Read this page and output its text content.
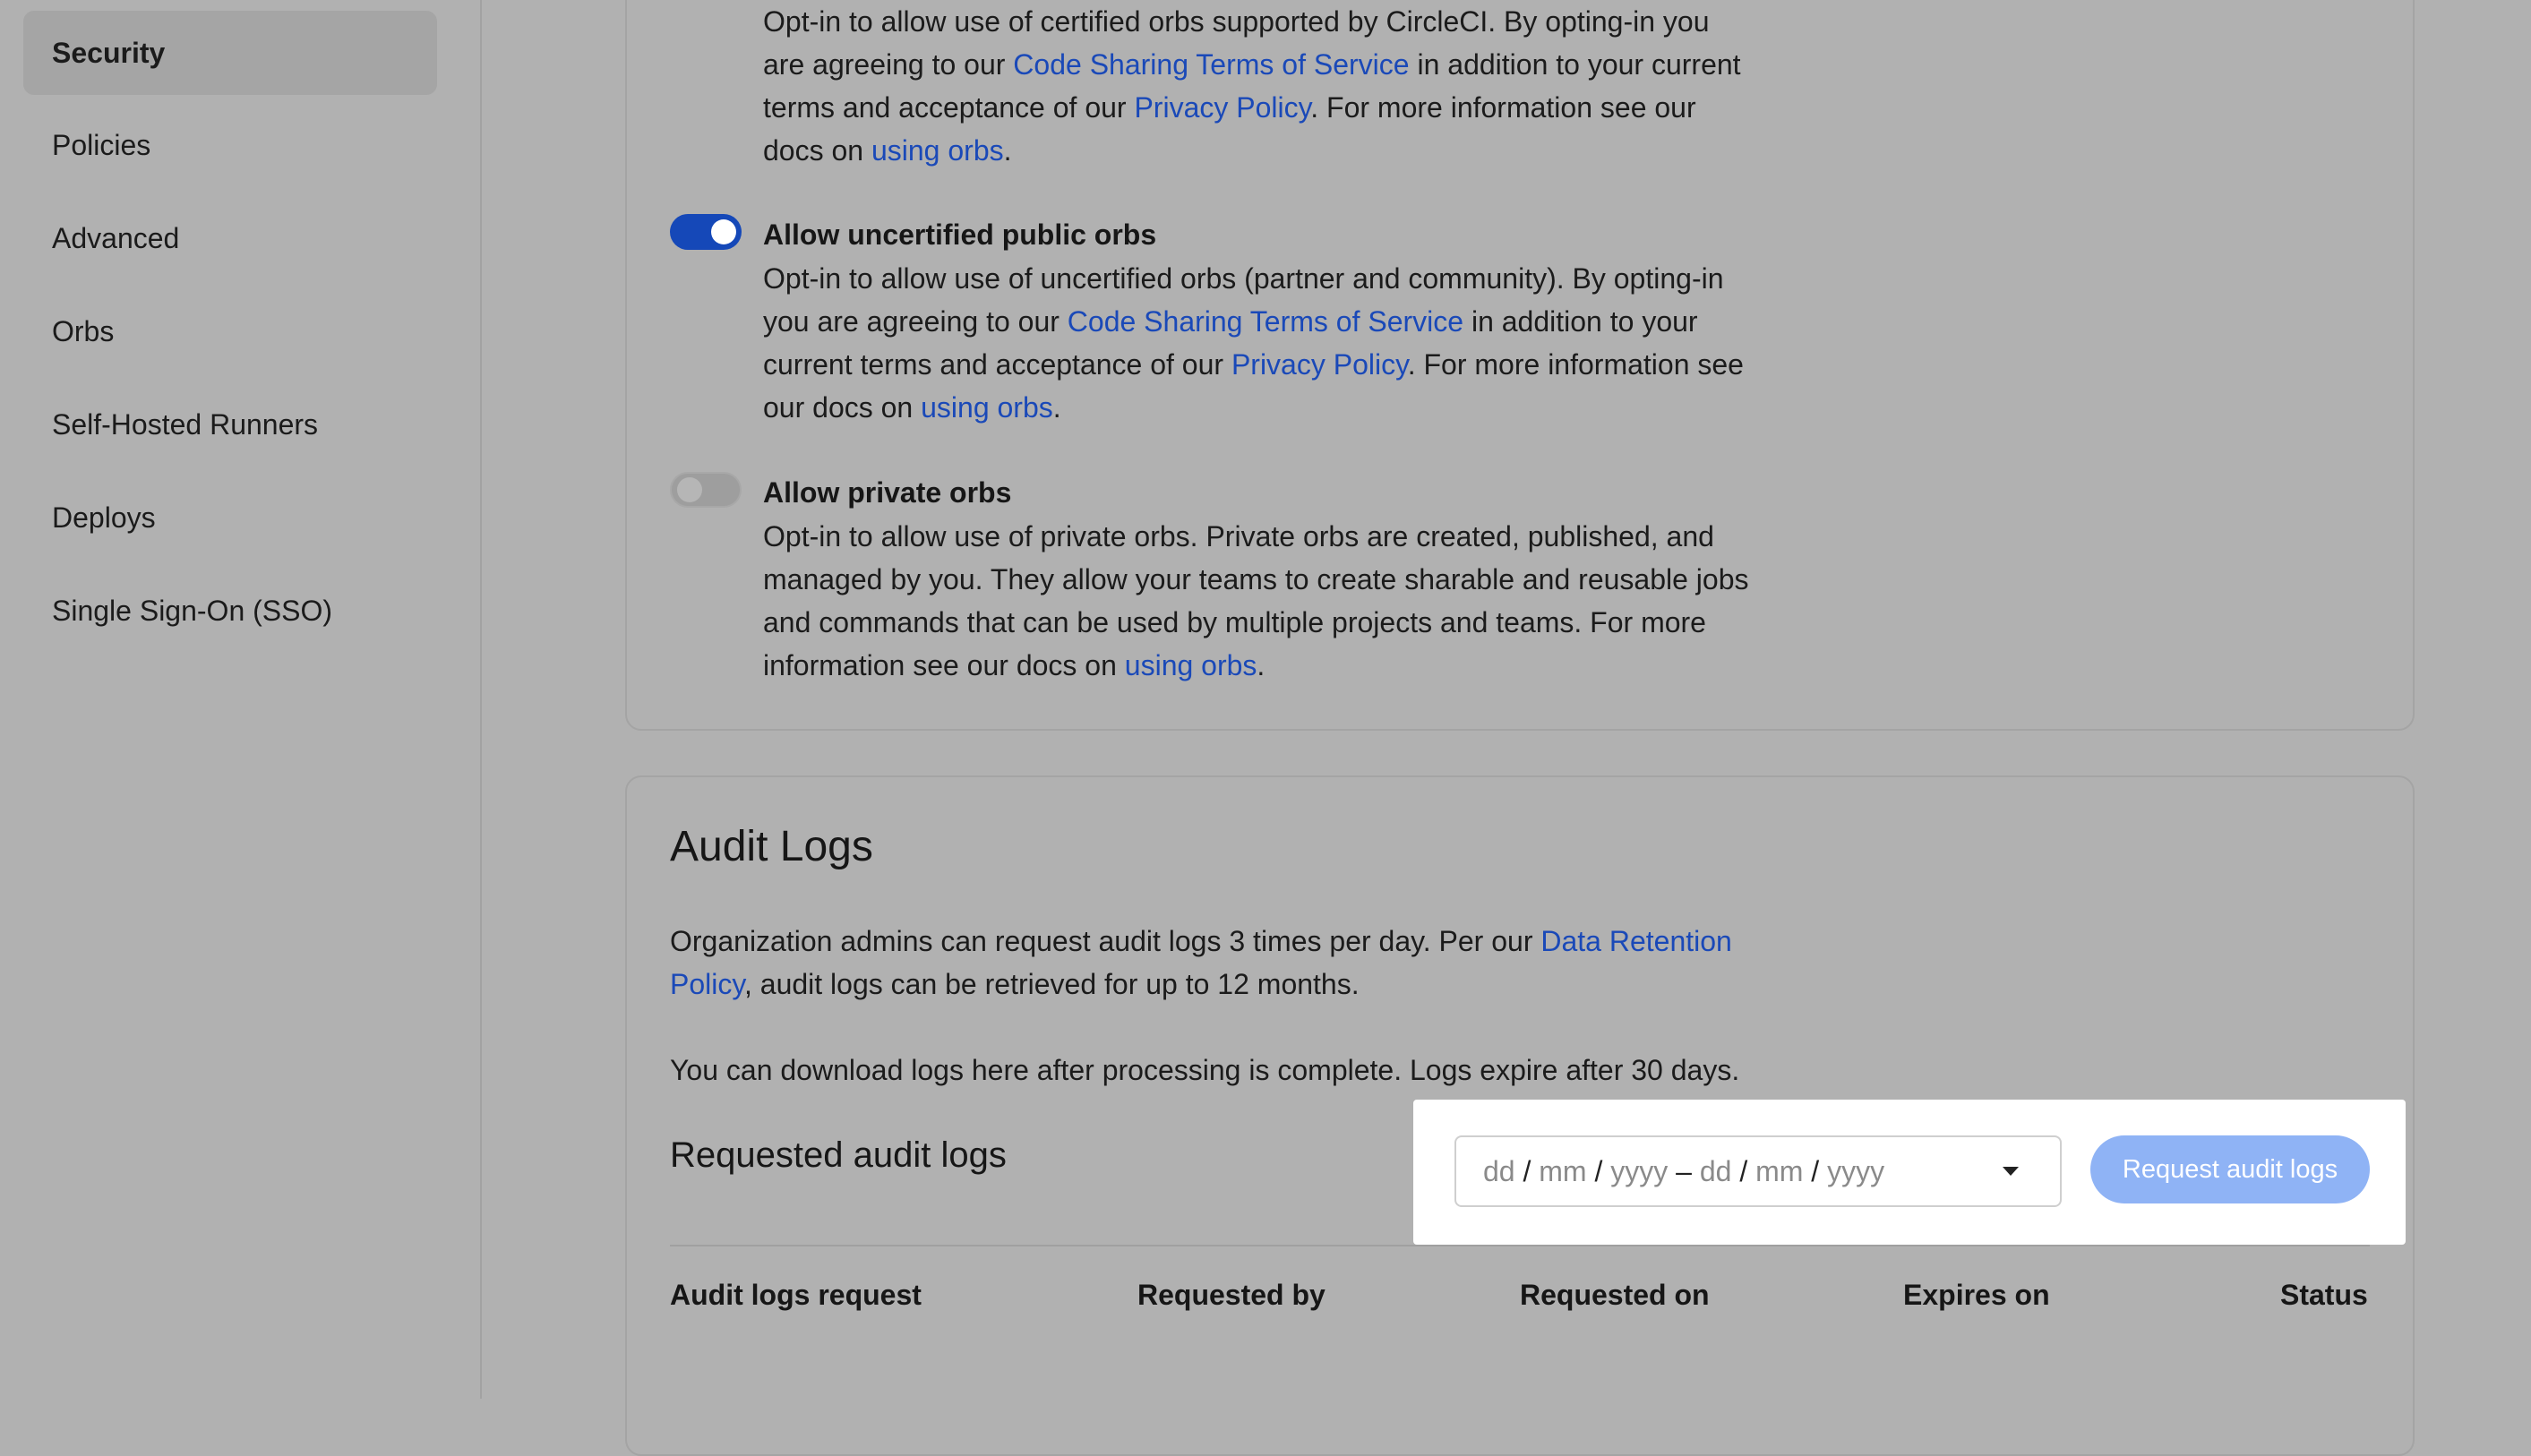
Security
Policies
Advanced
Orbs
Self-Hosted Runners
Deploys
Single Sign-On (SSO)
Opt-in to allow use of certified orbs supported by CircleCI. By opting-in you
are agreeing to our Code Sharing Terms of Service in addition to your current
terms and acceptance of our Privacy Policy. For more information see our
docs on using orbs.
Allow uncertified public orbs
Opt-in to allow use of uncertified orbs (partner and community). By opting-in
you are agreeing to our Code Sharing Terms of Service in addition to your
current terms and acceptance of our Privacy Policy. For more information see
our docs on using orbs.
Allow private orbs
Opt-in to allow use of private orbs. Private orbs are created, published, and
managed by you. They allow your teams to create sharable and reusable jobs
and commands that can be used by multiple projects and teams. For more
information see our docs on using orbs.
Audit Logs
Organization admins can request audit logs 3 times per day. Per our Data Retention
Policy, audit logs can be retrieved for up to 12 months.
You can download logs here after processing is complete. Logs expire after 30 days.
Requested audit logs	dd / mm / yyyy – dd / mm / yyyy	Request audit logs
Audit logs request	Requested by	Requested on	Expires on	Status
